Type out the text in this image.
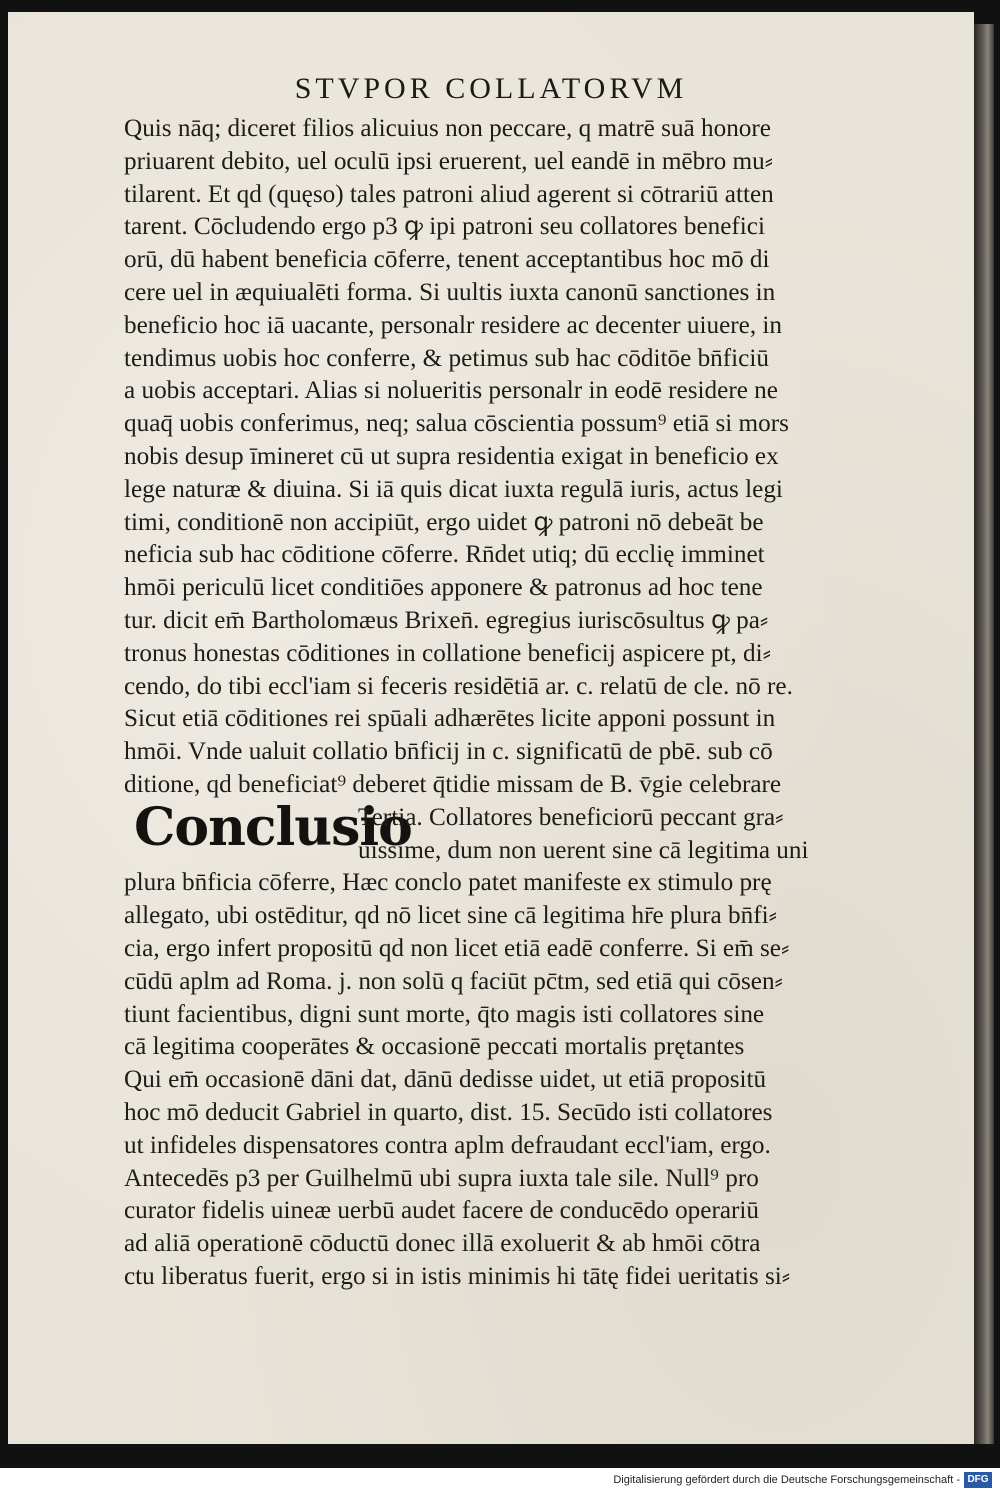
STVPOR COLLATORVM
Conclusio
Quis nāq; diceret filios alicuius non peccare, q matrē suā honore
priuarent debito, uel oculū ipsi eruerent, uel eandē in mēbro mu⸗
tilarent. Et qd (quęso) tales patroni aliud agerent si cōtrariū atten
tarent. Cōcludendo ergo p3 ꝙ ipi patroni seu collatores benefici
orū, dū habent beneficia cōferre, tenent acceptantibus hoc mō di
cere uel in æquiualēti forma. Si uultis iuxta canonū sanctiones in
beneficio hoc iā uacante, personalr residere ac decenter uiuere, in
tendimus uobis hoc conferre, & petimus sub hac cōditōe bn̄ficiū
a uobis acceptari. Alias si nolueritis personalr in eodē residere ne
quaq̄ uobis conferimus, neq; salua cōscientia possum⁹ etiā si mors
nobis desup īmineret cū ut supra residentia exigat in beneficio ex
lege naturæ & diuina. Si iā quis dicat iuxta regulā iuris, actus legi
timi, conditionē non accipiūt, ergo uidet ꝙ patroni nō debeāt be
neficia sub hac cōditione cōferre. Rn̄det utiq; dū ecclię imminet
hmōi periculū licet conditiōes apponere & patronus ad hoc tene
tur. dicit em̄ Bartholomæus Brixen̄. egregius iuriscōsultus ꝙ pa⸗
tronus honestas cōditiones in collatione beneficij aspicere pt, di⸗
cendo, do tibi eccl'iam si feceris residētiā ar. c. relatū de cle. nō re.
Sicut etiā cōditiones rei spūali adhærētes licite apponi possunt in
hmōi. Vnde ualuit collatio bn̄ficij in c. significatū de pbē. sub cō
ditione, qd beneficiat⁹ deberet q̄tidie missam de B. v̄gie celebrare
Tertia. Collatores beneficiorū peccant gra⸗
uissime, dum non uerent sine cā legitima uni
plura bn̄ficia cōferre, Hæc conclo patet manifeste ex stimulo prę
allegato, ubi ostēditur, qd nō licet sine cā legitima hr̄e plura bn̄fi⸗
cia, ergo infert propositū qd non licet etiā eadē conferre. Si em̄ se⸗
cūdū aplm ad Roma. j. non solū q faciūt pc̄tm, sed etiā qui cōsen⸗
tiunt facientibus, digni sunt morte, q̄to magis isti collatores sine
cā legitima cooperātes & occasionē peccati mortalis prętantes
Qui em̄ occasionē dāni dat, dānū dedisse uidet, ut etiā propositū
hoc mō deducit Gabriel in quarto, dist. 15. Secūdo isti collatores
ut infideles dispensatores contra aplm defraudant eccl'iam, ergo.
Antecedēs p3 per Guilhelmū ubi supra iuxta tale sile. Null⁹ pro
curator fidelis uineæ uerbū audet facere de conducēdo operariū
ad aliā operationē cōductū donec illā exoluerit & ab hmōi cōtra
ctu liberatus fuerit, ergo si in istis minimis hi tātę fidei ueritatis si⸗
Digitalisierung gefördert durch die Deutsche Forschungsgemeinschaft - DFG
